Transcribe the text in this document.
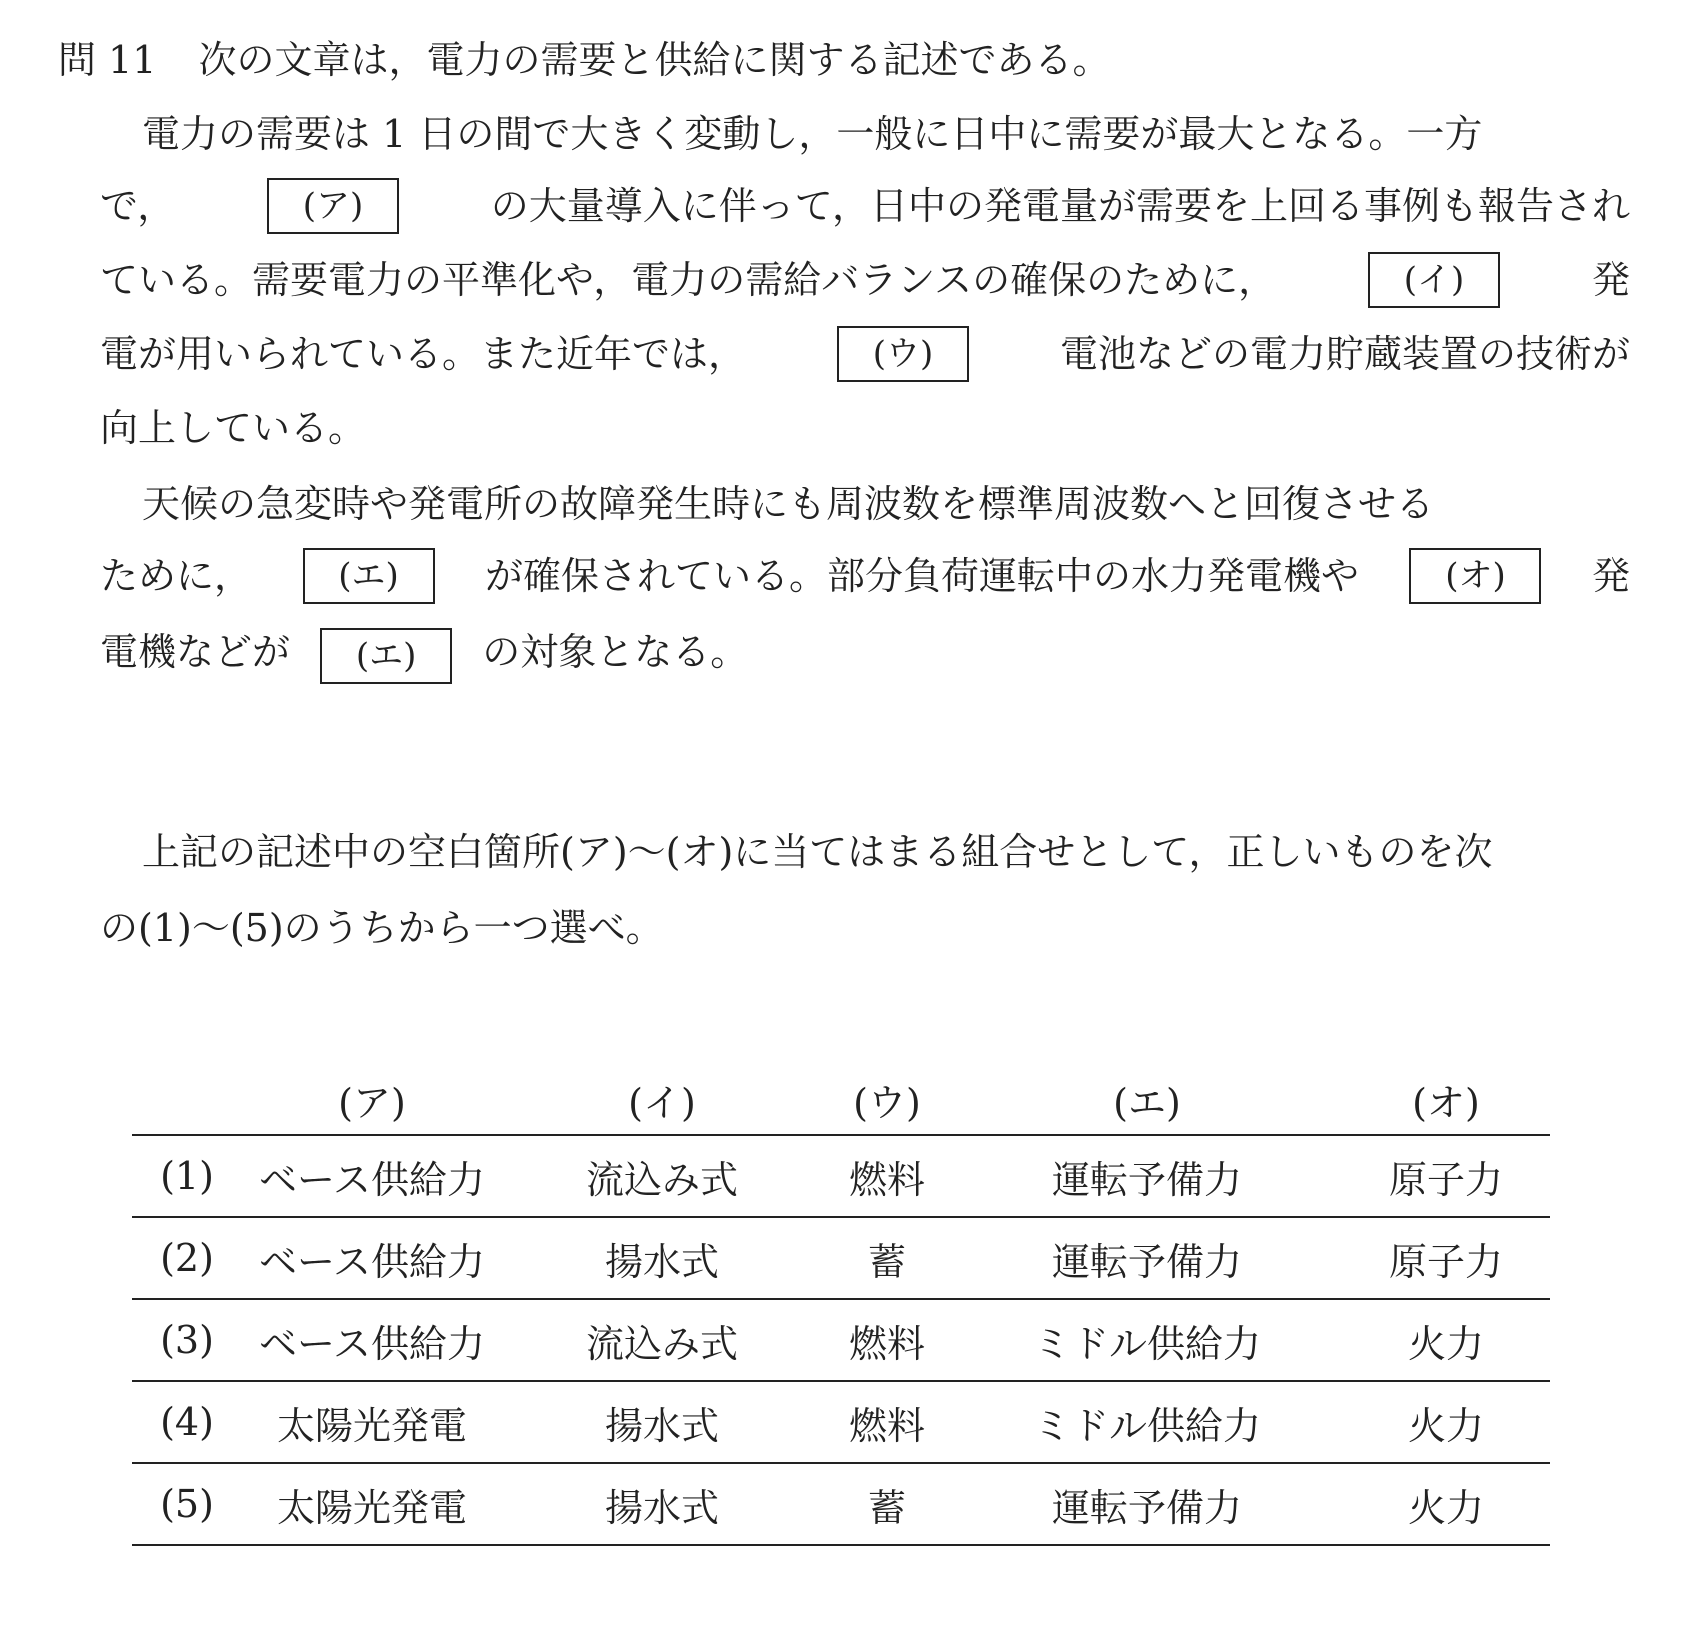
問 11 次の文章は，電力の需要と供給に関する記述である。
電力の需要は 1 日の間で大きく変動し，一般に日中に需要が最大となる。一方
で，	(ア)	の大量導入に伴って，日中の発電量が需要を上回る事例も報告され
ている。需要電力の平準化や，電力の需給バランスの確保のために，	(イ)	発
電が用いられている。また近年では，	(ウ)	電池などの電力貯蔵装置の技術が
向上している。
天候の急変時や発電所の故障発生時にも周波数を標準周波数へと回復させる
ために，	(エ)	が確保されている。部分負荷運転中の水力発電機や	(オ)	発
電機などが (エ) の対象となる。
上記の記述中の空白箇所(ア)～(オ)に当てはまる組合せとして，正しいものを次
の(1)～(5)のうちから一つ選べ。
	(ア)	(イ)	(ウ)	(エ)	(オ)
(1)	ベース供給力	流込み式	燃料	運転予備力	原子力
(2)	ベース供給力	揚水式	蓄	運転予備力	原子力
(3)	ベース供給力	流込み式	燃料	ミドル供給力	火力
(4)	太陽光発電	揚水式	燃料	ミドル供給力	火力
(5)	太陽光発電	揚水式	蓄	運転予備力	火力
